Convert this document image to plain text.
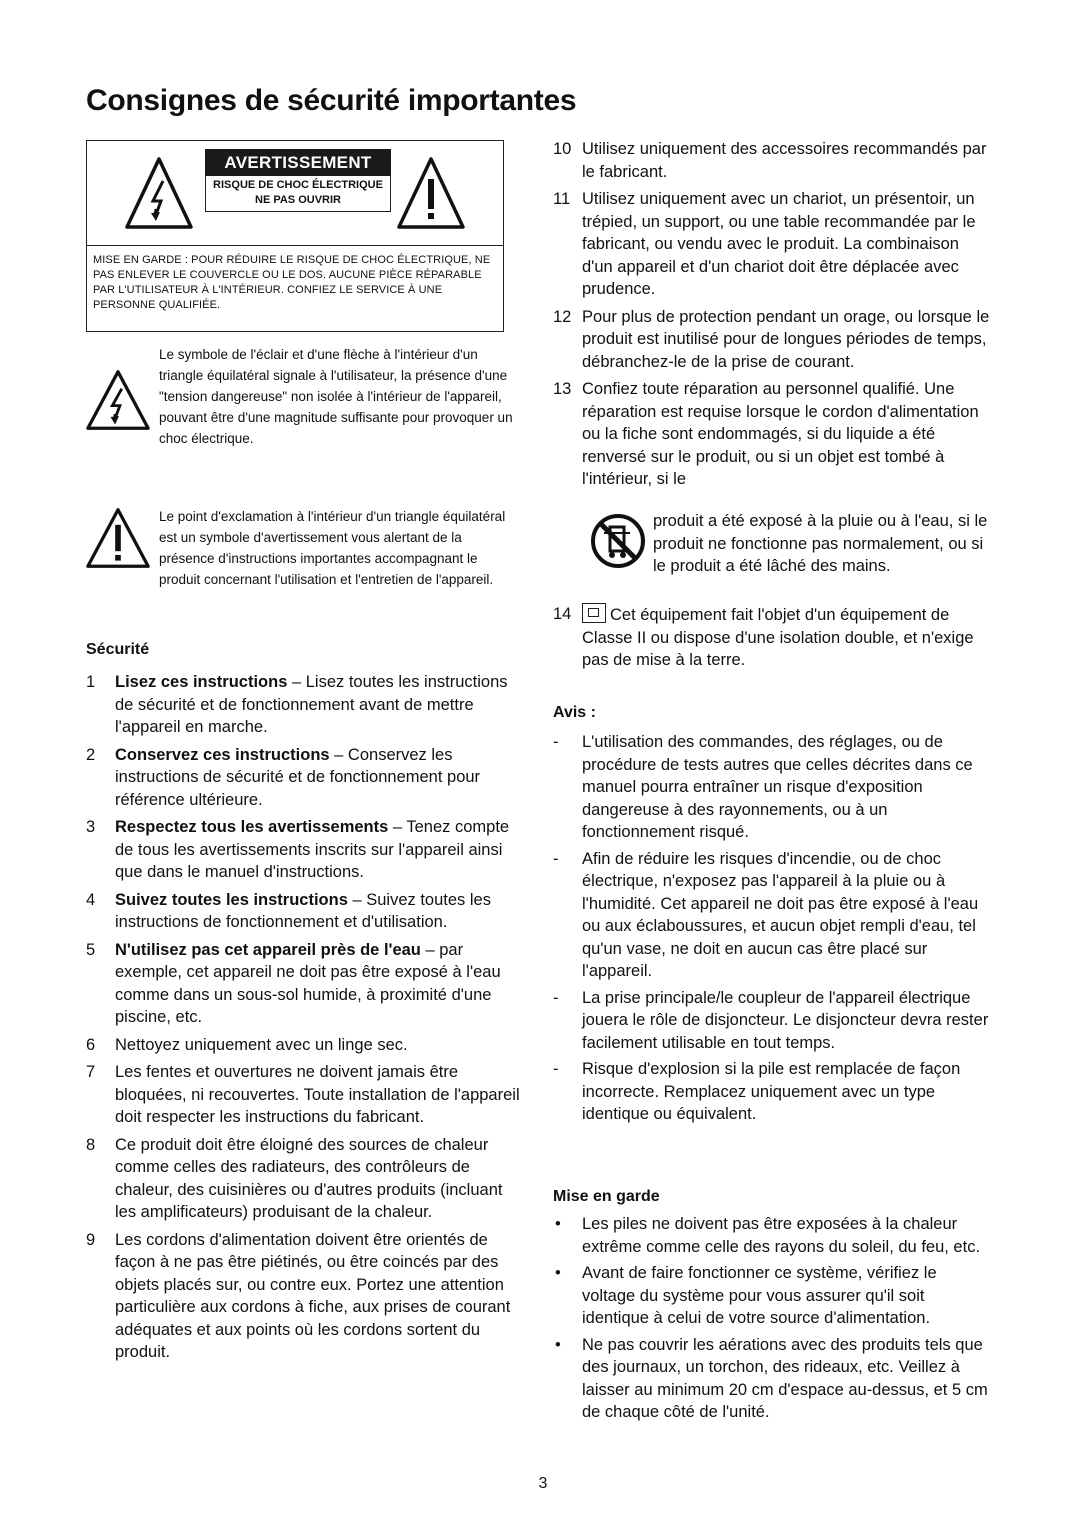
Consignes de sécurité importantes
AVERTISSEMENT
RISQUE DE CHOC ÉLECTRIQUE
NE PAS OUVRIR
MISE EN GARDE : POUR RÉDUIRE LE RISQUE DE CHOC ÉLECTRIQUE, NE PAS ENLEVER LE COUVERCLE OU LE DOS. AUCUNE PIÈCE RÉPARABLE PAR L'UTILISATEUR À L'INTÉRIEUR. CONFIEZ LE SERVICE À UNE PERSONNE QUALIFIÉE.
Le symbole de l'éclair et d'une flèche à l'intérieur d'un triangle équilatéral signale à l'utilisateur, la présence d'une "tension dangereuse" non isolée à l'intérieur de l'appareil, pouvant être d'une magnitude suffisante pour provoquer un choc électrique.
Le point d'exclamation à l'intérieur d'un triangle équilatéral est un symbole d'avertissement vous alertant de la présence d'instructions importantes accompagnant le produit concernant l'utilisation et l'entretien de l'appareil.
Sécurité
1	Lisez ces instructions – Lisez toutes les instructions de sécurité et de fonctionnement avant de mettre l'appareil en marche.
2	Conservez ces instructions – Conservez les instructions de sécurité et de fonctionnement pour référence ultérieure.
3	Respectez tous les avertissements – Tenez compte de tous les avertissements inscrits sur l'appareil ainsi que dans le manuel d'instructions.
4	Suivez toutes les instructions – Suivez toutes les instructions de fonctionnement et d'utilisation.
5	N'utilisez pas cet appareil près de l'eau – par exemple, cet appareil ne doit pas être exposé à l'eau comme dans un sous-sol humide, à proximité d'une piscine, etc.
6	Nettoyez uniquement avec un linge sec.
7	Les fentes et ouvertures ne doivent jamais être bloquées, ni recouvertes. Toute installation de l'appareil doit respecter les instructions du fabricant.
8	Ce produit doit être éloigné des sources de chaleur comme celles des radiateurs, des contrôleurs de chaleur, des cuisinières ou d'autres produits (incluant les amplificateurs) produisant de la chaleur.
9	Les cordons d'alimentation doivent être orientés de façon à ne pas être piétinés, ou être coincés par des objets placés sur, ou contre eux. Portez une attention particulière aux cordons à fiche, aux prises de courant adéquates et aux points où les cordons sortent du produit.
10 Utilisez uniquement des accessoires recommandés par le fabricant.
11 Utilisez uniquement avec un chariot, un présentoir, un trépied, un support, ou une table recommandée par le fabricant, ou vendu avec le produit. La combinaison d'un appareil et d'un chariot doit être déplacée avec prudence.
12 Pour plus de protection pendant un orage, ou lorsque le produit est inutilisé pour de longues périodes de temps, débranchez-le de la prise de courant.
13 Confiez toute réparation au personnel qualifié. Une réparation est requise lorsque le cordon d'alimentation ou la fiche sont endommagés, si du liquide a été renversé sur le produit, ou si un objet est tombé à l'intérieur, si le
produit a été exposé à la pluie ou à l'eau, si le produit ne fonctionne pas normalement, ou si le produit a été lâché des mains.
14	Cet équipement fait l'objet d'un équipement de Classe II ou dispose d'une isolation double, et n'exige pas de mise à la terre.
Avis :
-	L'utilisation des commandes, des réglages, ou de procédure de tests autres que celles décrites dans ce manuel pourra entraîner un risque d'exposition dangereuse à des rayonnements, ou à un fonctionnement risqué.
-	Afin de réduire les risques d'incendie, ou de choc électrique, n'exposez pas l'appareil à la pluie ou à l'humidité. Cet appareil ne doit pas être exposé à l'eau ou aux éclaboussures, et aucun objet rempli d'eau, tel qu'un vase, ne doit en aucun cas être placé sur l'appareil.
-	La prise principale/le coupleur de l'appareil électrique jouera le rôle de disjoncteur. Le disjoncteur devra rester facilement utilisable en tout temps.
-	Risque d'explosion si la pile est remplacée de façon incorrecte. Remplacez uniquement avec un type identique ou équivalent.
Mise en garde
•	Les piles ne doivent pas être exposées à la chaleur extrême comme celle des rayons du soleil, du feu, etc.
•	Avant de faire fonctionner ce système, vérifiez le voltage du système pour vous assurer qu'il soit identique à celui de votre source d'alimentation.
•	Ne pas couvrir les aérations avec des produits tels que des journaux, un torchon, des rideaux, etc. Veillez à laisser au minimum 20 cm d'espace au-dessus, et 5 cm de chaque côté de l'unité.
3
